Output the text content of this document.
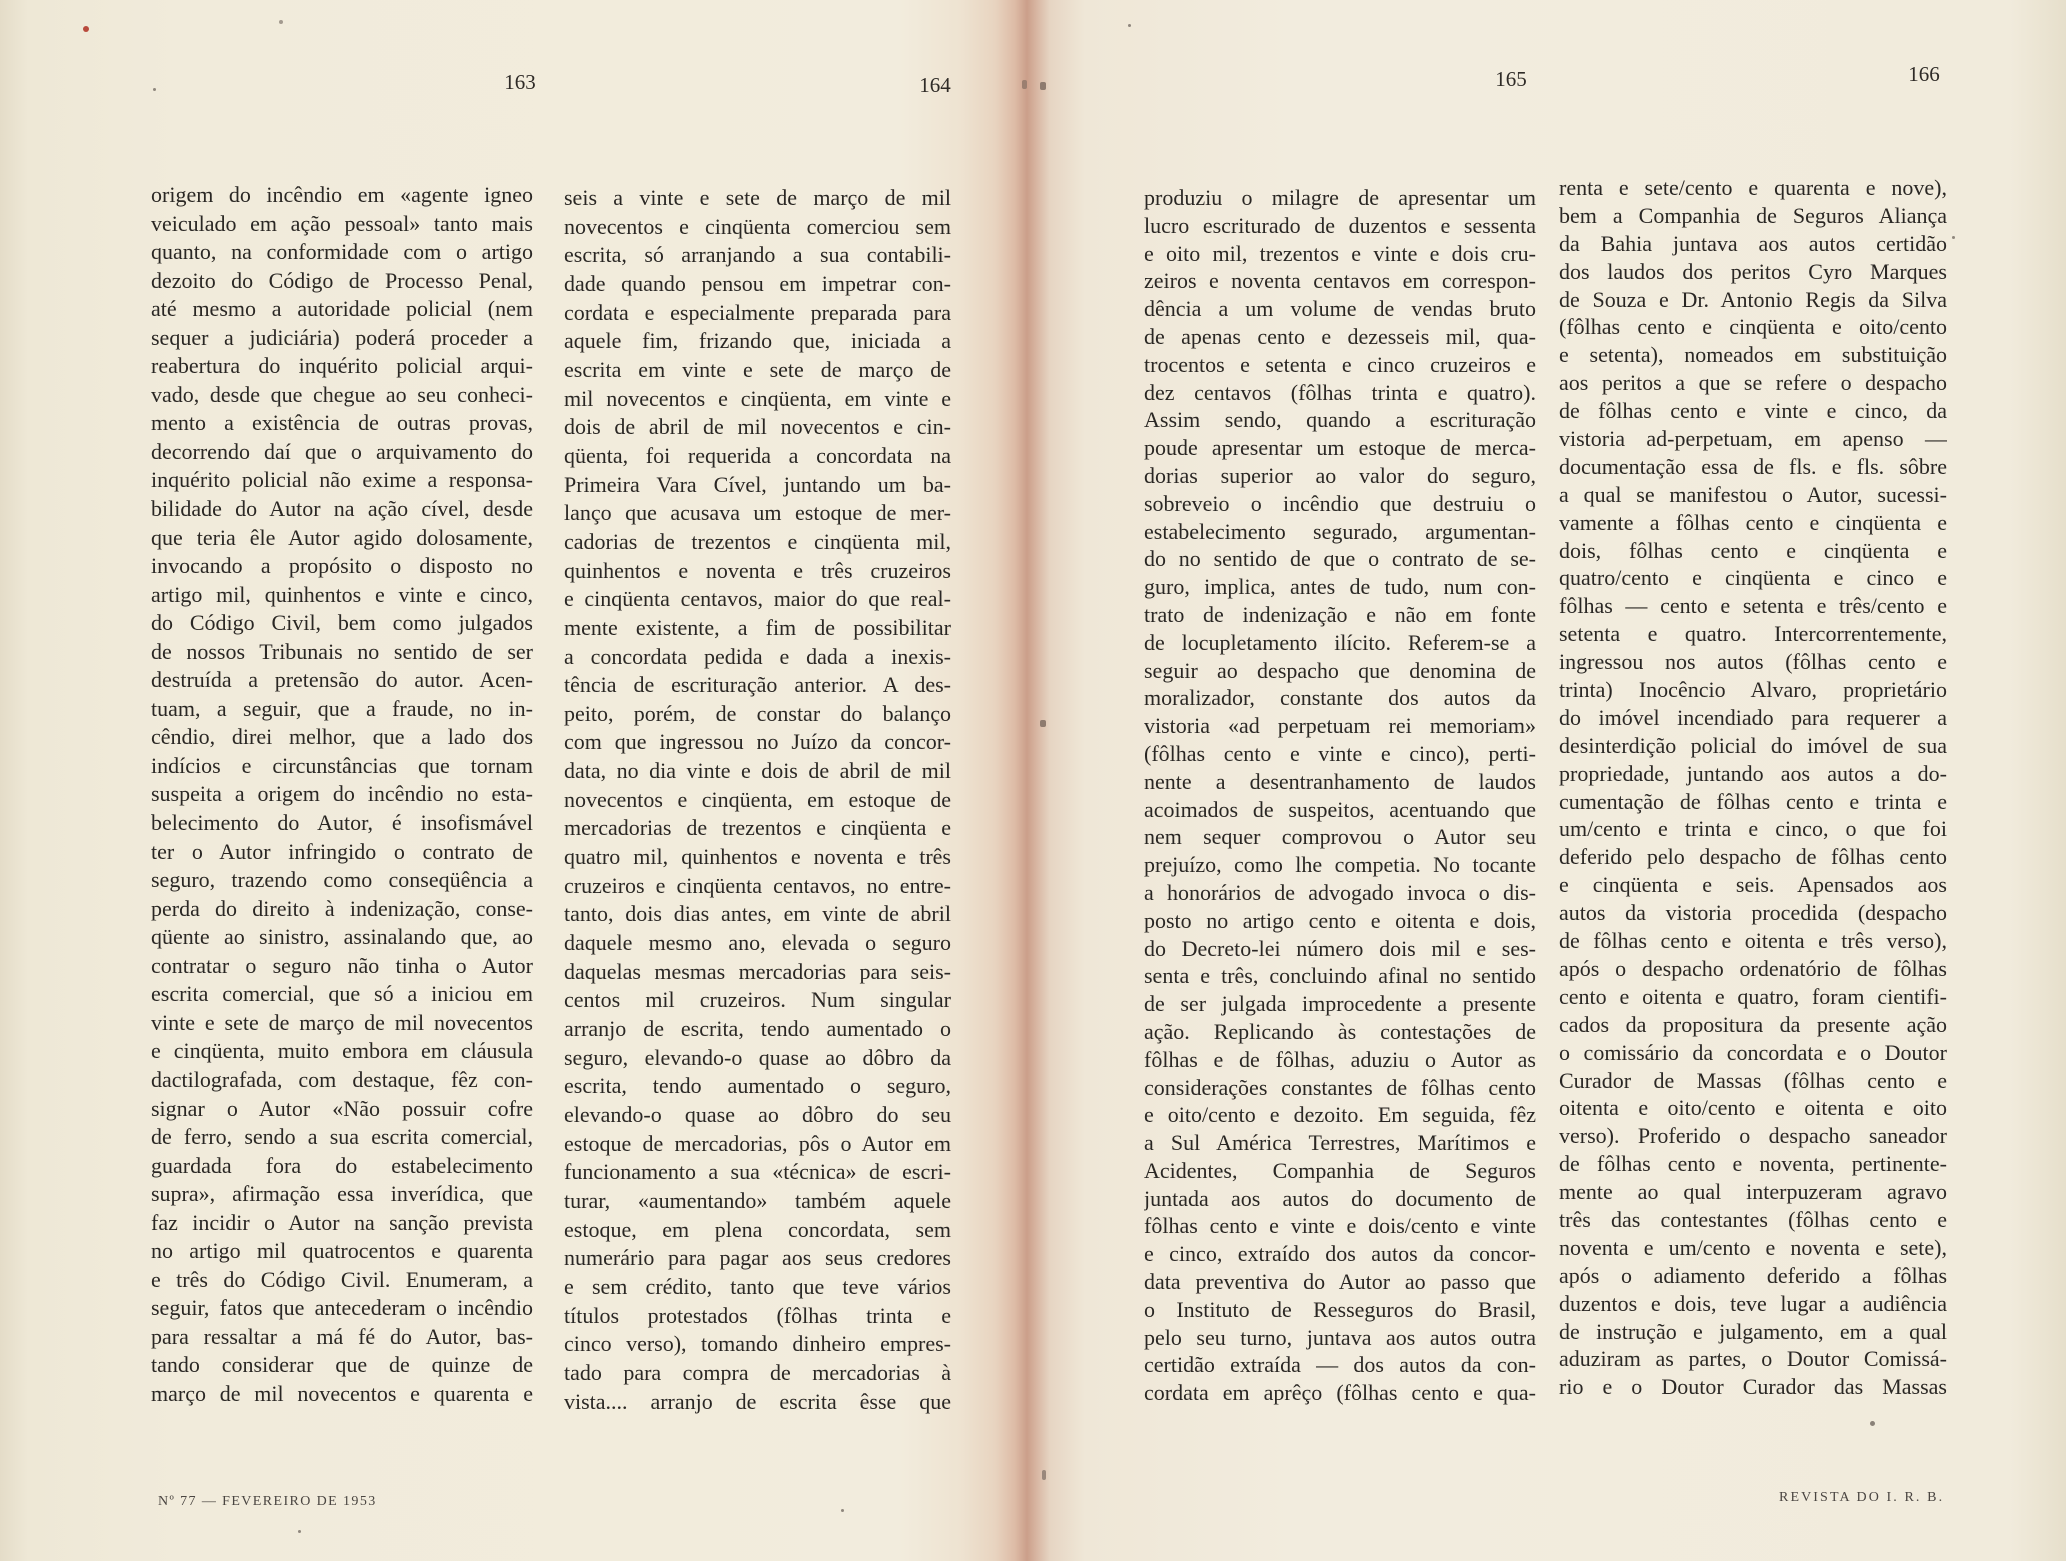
163	164
origem do incêndio em «agente igneo
veiculado em ação pessoal» tanto mais
quanto, na conformidade com o artigo
dezoito do Código de Processo Penal,
até mesmo a autoridade policial (nem
sequer a judiciária) poderá proceder a
reabertura do inquérito policial arqui-
vado, desde que chegue ao seu conheci-
mento a existência de outras provas,
decorrendo daí que o arquivamento do
inquérito policial não exime a responsa-
bilidade do Autor na ação cível, desde
que teria êle Autor agido dolosamente,
invocando a propósito o disposto no
artigo mil, quinhentos e vinte e cinco,
do Código Civil, bem como julgados
de nossos Tribunais no sentido de ser
destruída a pretensão do autor. Acen-
tuam, a seguir, que a fraude, no in-
cêndio, direi melhor, que a lado dos
indícios e circunstâncias que tornam
suspeita a origem do incêndio no esta-
belecimento do Autor, é insofismável
ter o Autor infringido o contrato de
seguro, trazendo como conseqüência a
perda do direito à indenização, conse-
qüente ao sinistro, assinalando que, ao
contratar o seguro não tinha o Autor
escrita comercial, que só a iniciou em
vinte e sete de março de mil novecentos
e cinqüenta, muito embora em cláusula
dactilografada, com destaque, fêz con-
signar o Autor «Não possuir cofre
de ferro, sendo a sua escrita comercial,
guardada fora do estabelecimento
supra», afirmação essa inverídica, que
faz incidir o Autor na sanção prevista
no artigo mil quatrocentos e quarenta
e três do Código Civil. Enumeram, a
seguir, fatos que antecederam o incêndio
para ressaltar a má fé do Autor, bas-
tando considerar que de quinze de
março de mil novecentos e quarenta e
seis a vinte e sete de março de mil
novecentos e cinqüenta comerciou sem
escrita, só arranjando a sua contabili-
dade quando pensou em impetrar con-
cordata e especialmente preparada para
aquele fim, frizando que, iniciada a
escrita em vinte e sete de março de
mil novecentos e cinqüenta, em vinte e
dois de abril de mil novecentos e cin-
qüenta, foi requerida a concordata na
Primeira Vara Cível, juntando um ba-
lanço que acusava um estoque de mer-
cadorias de trezentos e cinqüenta mil,
quinhentos e noventa e três cruzeiros
e cinqüenta centavos, maior do que real-
mente existente, a fim de possibilitar
a concordata pedida e dada a inexis-
tência de escrituração anterior. A des-
peito, porém, de constar do balanço
com que ingressou no Juízo da concor-
data, no dia vinte e dois de abril de mil
novecentos e cinqüenta, em estoque de
mercadorias de trezentos e cinqüenta e
quatro mil, quinhentos e noventa e três
cruzeiros e cinqüenta centavos, no entre-
tanto, dois dias antes, em vinte de abril
daquele mesmo ano, elevada o seguro
daquelas mesmas mercadorias para seis-
centos mil cruzeiros. Num singular
arranjo de escrita, tendo aumentado o
seguro, elevando-o quase ao dôbro da
escrita, tendo aumentado o seguro,
elevando-o quase ao dôbro do seu
estoque de mercadorias, pôs o Autor em
funcionamento a sua «técnica» de escri-
turar, «aumentando» também aquele
estoque, em plena concordata, sem
numerário para pagar aos seus credores
e sem crédito, tanto que teve vários
títulos protestados (fôlhas trinta e
cinco verso), tomando dinheiro empres-
tado para compra de mercadorias à
vista.... arranjo de escrita êsse que
Nº 77 — FEVEREIRO DE 1953
165	166
produziu o milagre de apresentar um
lucro escriturado de duzentos e sessenta
e oito mil, trezentos e vinte e dois cru-
zeiros e noventa centavos em correspon-
dência a um volume de vendas bruto
de apenas cento e dezesseis mil, qua-
trocentos e setenta e cinco cruzeiros e
dez centavos (fôlhas trinta e quatro).
Assim sendo, quando a escrituração
poude apresentar um estoque de merca-
dorias superior ao valor do seguro,
sobreveio o incêndio que destruiu o
estabelecimento segurado, argumentan-
do no sentido de que o contrato de se-
guro, implica, antes de tudo, num con-
trato de indenização e não em fonte
de locupletamento ilícito. Referem-se a
seguir ao despacho que denomina de
moralizador, constante dos autos da
vistoria «ad perpetuam rei memoriam»
(fôlhas cento e vinte e cinco), perti-
nente a desentranhamento de laudos
acoimados de suspeitos, acentuando que
nem sequer comprovou o Autor seu
prejuízo, como lhe competia. No tocante
a honorários de advogado invoca o dis-
posto no artigo cento e oitenta e dois,
do Decreto-lei número dois mil e ses-
senta e três, concluindo afinal no sentido
de ser julgada improcedente a presente
ação. Replicando às contestações de
fôlhas e de fôlhas, aduziu o Autor as
considerações constantes de fôlhas cento
e oito/cento e dezoito. Em seguida, fêz
a Sul América Terrestres, Marítimos e
Acidentes, Companhia de Seguros
juntada aos autos do documento de
fôlhas cento e vinte e dois/cento e vinte
e cinco, extraído dos autos da concor-
data preventiva do Autor ao passo que
o Instituto de Resseguros do Brasil,
pelo seu turno, juntava aos autos outra
certidão extraída — dos autos da con-
cordata em aprêço (fôlhas cento e qua-
renta e sete/cento e quarenta e nove),
bem a Companhia de Seguros Aliança
da Bahia juntava aos autos certidão
dos laudos dos peritos Cyro Marques
de Souza e Dr. Antonio Regis da Silva
(fôlhas cento e cinqüenta e oito/cento
e setenta), nomeados em substituição
aos peritos a que se refere o despacho
de fôlhas cento e vinte e cinco, da
vistoria ad-perpetuam, em apenso —
documentação essa de fls. e fls. sôbre
a qual se manifestou o Autor, sucessi-
vamente a fôlhas cento e cinqüenta e
dois, fôlhas cento e cinqüenta e
quatro/cento e cinqüenta e cinco e
fôlhas — cento e setenta e três/cento e
setenta e quatro. Intercorrentemente,
ingressou nos autos (fôlhas cento e
trinta) Inocêncio Alvaro, proprietário
do imóvel incendiado para requerer a
desinterdição policial do imóvel de sua
propriedade, juntando aos autos a do-
cumentação de fôlhas cento e trinta e
um/cento e trinta e cinco, o que foi
deferido pelo despacho de fôlhas cento
e cinqüenta e seis. Apensados aos
autos da vistoria procedida (despacho
de fôlhas cento e oitenta e três verso),
após o despacho ordenatório de fôlhas
cento e oitenta e quatro, foram cientifi-
cados da propositura da presente ação
o comissário da concordata e o Doutor
Curador de Massas (fôlhas cento e
oitenta e oito/cento e oitenta e oito
verso). Proferido o despacho saneador
de fôlhas cento e noventa, pertinente-
mente ao qual interpuzeram agravo
três das contestantes (fôlhas cento e
noventa e um/cento e noventa e sete),
após o adiamento deferido a fôlhas
duzentos e dois, teve lugar a audiência
de instrução e julgamento, em a qual
aduziram as partes, o Doutor Comissá-
rio e o Doutor Curador das Massas
REVISTA DO I. R. B.
